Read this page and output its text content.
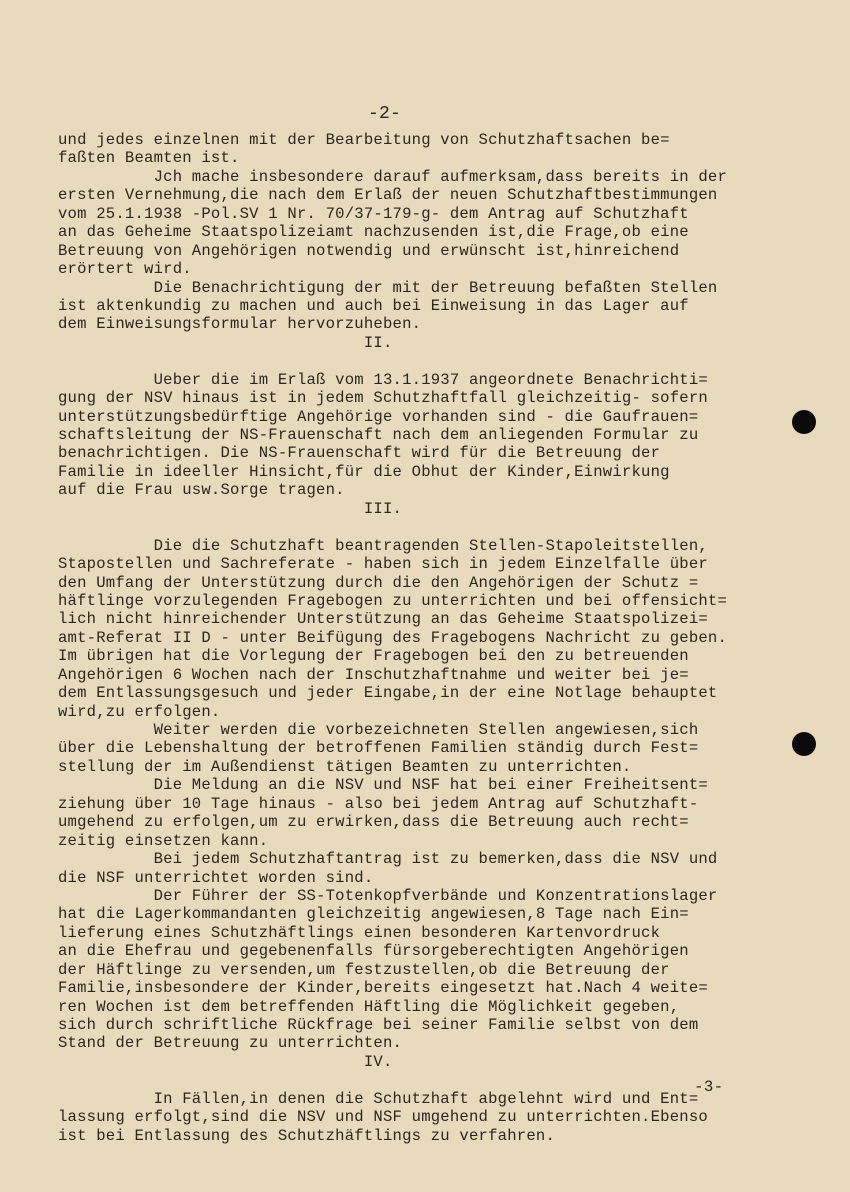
-2-
und jedes einzelnen mit der Bearbeitung von Schutzhaftsachen be=
faßten Beamten ist.
Jch mache insbesondere darauf aufmerksam,dass bereits in der
ersten Vernehmung,die nach dem Erlaß der neuen Schutzhaftbestimmungen
vom 25.1.1938 -Pol.SV 1 Nr. 70/37-179-g- dem Antrag auf Schutzhaft
an das Geheime Staatspolizeiamt nachzusenden ist,die Frage,ob eine
Betreuung von Angehörigen notwendig und erwünscht ist,hinreichend
erörtert wird.
Die Benachrichtigung der mit der Betreuung befaßten Stellen
ist aktenkundig zu machen und auch bei Einweisung in das Lager auf
dem Einweisungsformular hervorzuheben.
II.
Ueber die im Erlaß vom 13.1.1937 angeordnete Benachrichti=
gung der NSV hinaus ist in jedem Schutzhaftfall gleichzeitig- sofern
unterstützungsbedürftige Angehörige vorhanden sind - die Gaufrauen=
schaftsleitung der NS-Frauenschaft nach dem anliegenden Formular zu
benachrichtigen. Die NS-Frauenschaft wird für die Betreuung der
Familie in ideeller Hinsicht,für die Obhut der Kinder,Einwirkung
auf die Frau usw.Sorge tragen.
III.
Die die Schutzhaft beantragenden Stellen-Stapoleitstellen,
Stapostellen und Sachreferate - haben sich in jedem Einzelfalle über
den Umfang der Unterstützung durch die den Angehörigen der Schutz =
häftlinge vorzulegenden Fragebogen zu unterrichten und bei offensicht=
lich nicht hinreichender Unterstützung an das Geheime Staatspolizei=
amt-Referat II D - unter Beifügung des Fragebogens Nachricht zu geben.
Im übrigen hat die Vorlegung der Fragebogen bei den zu betreuenden
Angehörigen 6 Wochen nach der Inschutzhaftnahme und weiter bei je=
dem Entlassungsgesuch und jeder Eingabe,in der eine Notlage behauptet
wird,zu erfolgen.
Weiter werden die vorbezeichneten Stellen angewiesen,sich
über die Lebenshaltung der betroffenen Familien ständig durch Fest=
stellung der im Außendienst tätigen Beamten zu unterrichten.
Die Meldung an die NSV und NSF hat bei einer Freiheitsent=
ziehung über 10 Tage hinaus - also bei jedem Antrag auf Schutzhaft-
umgehend zu erfolgen,um zu erwirken,dass die Betreuung auch recht=
zeitig einsetzen kann.
Bei jedem Schutzhaftantrag ist zu bemerken,dass die NSV und
die NSF unterrichtet worden sind.
Der Führer der SS-Totenkopfverbände und Konzentrationslager
hat die Lagerkommandanten gleichzeitig angewiesen,8 Tage nach Ein=
lieferung eines Schutzhäftlings einen besonderen Kartenvordruck
an die Ehefrau und gegebenenfalls fürsorgeberechtigten Angehörigen
der Häftlinge zu versenden,um festzustellen,ob die Betreuung der
Familie,insbesondere der Kinder,bereits eingesetzt hat.Nach 4 weite=
ren Wochen ist dem betreffenden Häftling die Möglichkeit gegeben,
sich durch schriftliche Rückfrage bei seiner Familie selbst von dem
Stand der Betreuung zu unterrichten.
IV.
In Fällen,in denen die Schutzhaft abgelehnt wird und Ent=
lassung erfolgt,sind die NSV und NSF umgehend zu unterrichten.Ebenso
ist bei Entlassung des Schutzhäftlings zu verfahren.
-3-
